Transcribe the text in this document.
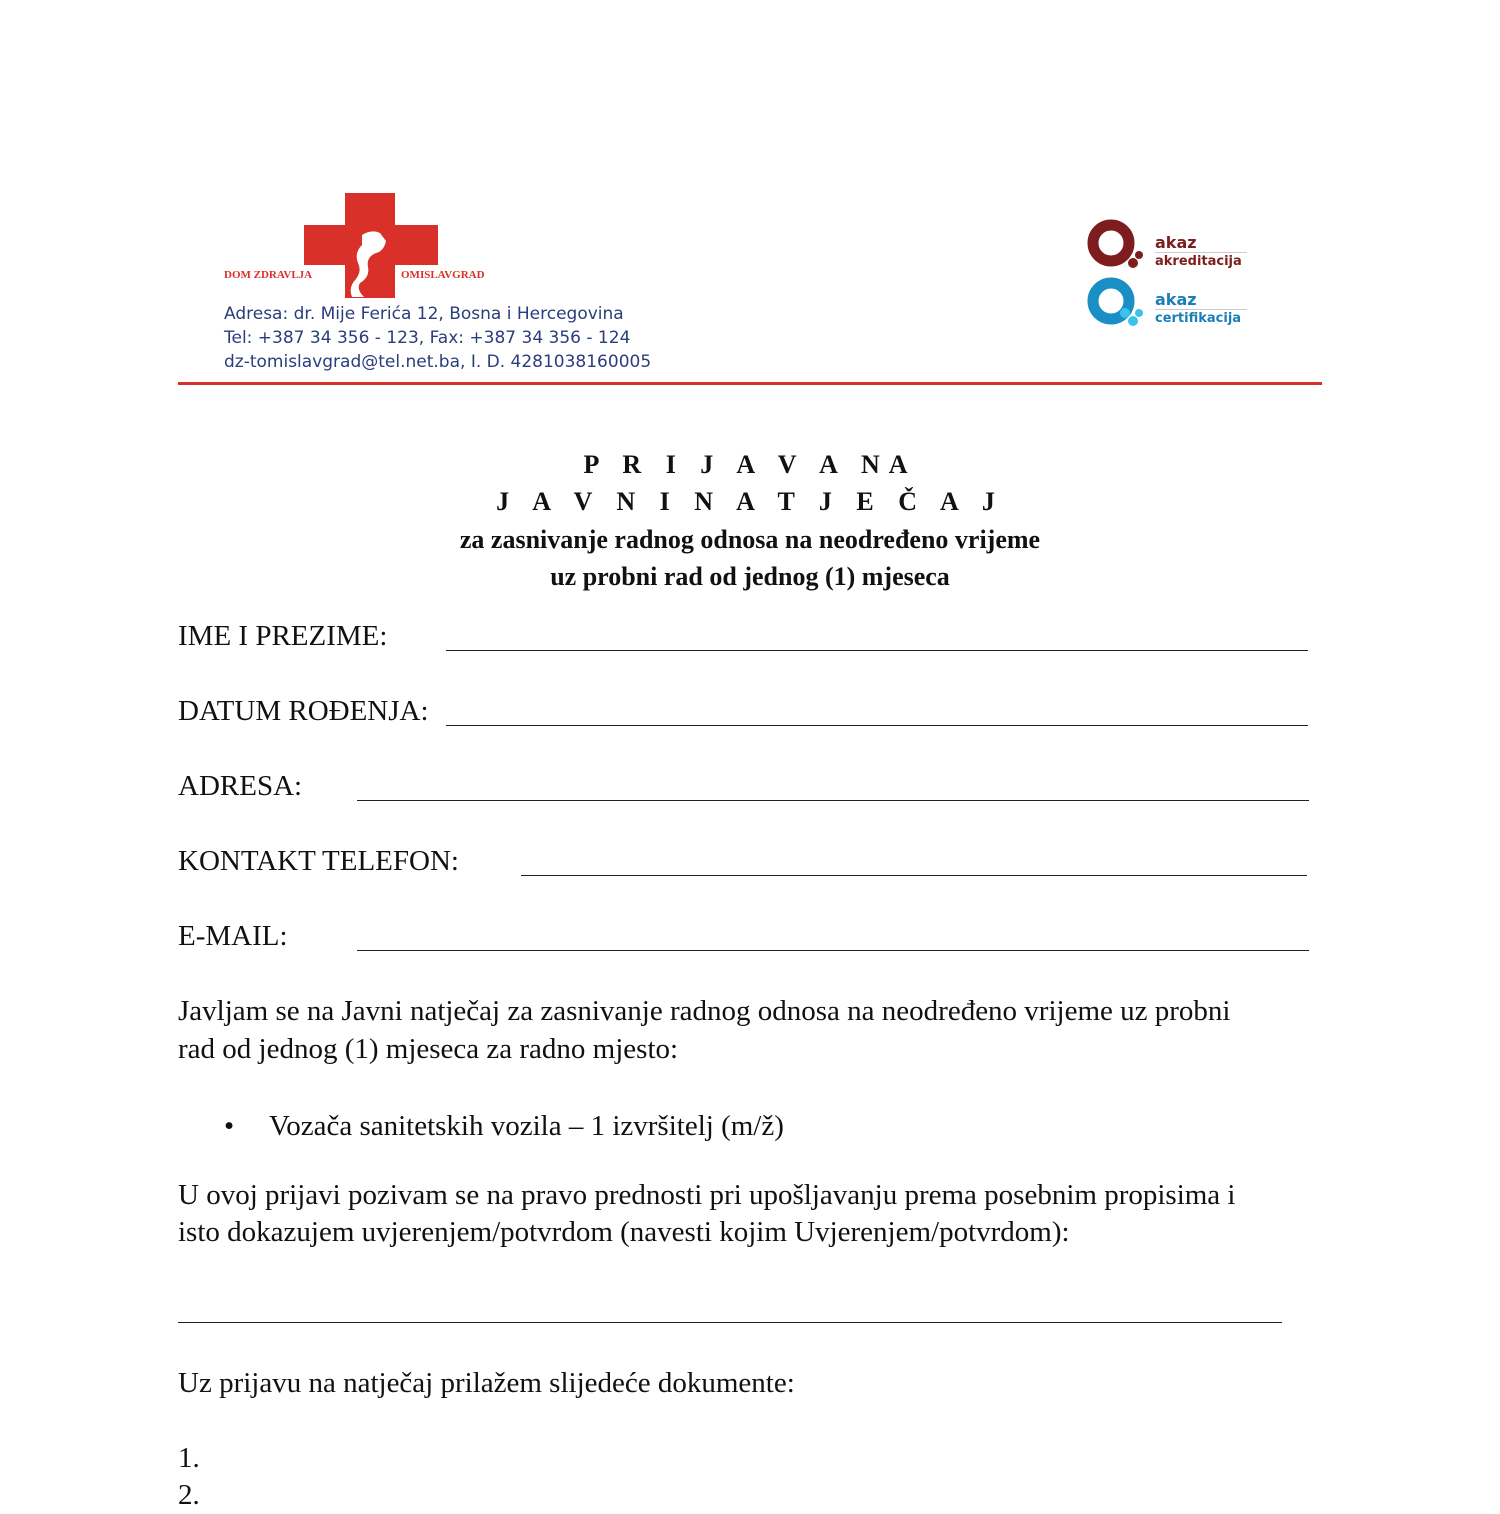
DOM ZDRAVLJA	OMISLAVGRAD
Adresa: dr. Mije Ferića 12, Bosna i Hercegovina
Tel: +387 34 356 - 123, Fax: +387 34 356 - 124
dz-tomislavgrad@tel.net.ba, I. D. 4281038160005
akaz
akreditacija
akaz
certifikacija
P R I J A V A NA
J A V N I N A T J E Č A J
za zasnivanje radnog odnosa na neodređeno vrijeme
uz probni rad od jednog (1) mjeseca
IME I PREZIME:
DATUM ROĐENJA:
ADRESA:
KONTAKT TELEFON:
E-MAIL:
Javljam se na Javni natječaj za zasnivanje radnog odnosa na neodređeno vrijeme uz probni
rad od jednog (1) mjeseca za radno mjesto:
• Vozača sanitetskih vozila – 1 izvršitelj (m/ž)
U ovoj prijavi pozivam se na pravo prednosti pri upošljavanju prema posebnim propisima i
isto dokazujem uvjerenjem/potvrdom (navesti kojim Uvjerenjem/potvrdom):
Uz prijavu na natječaj prilažem slijedeće dokumente:
1.
2.
